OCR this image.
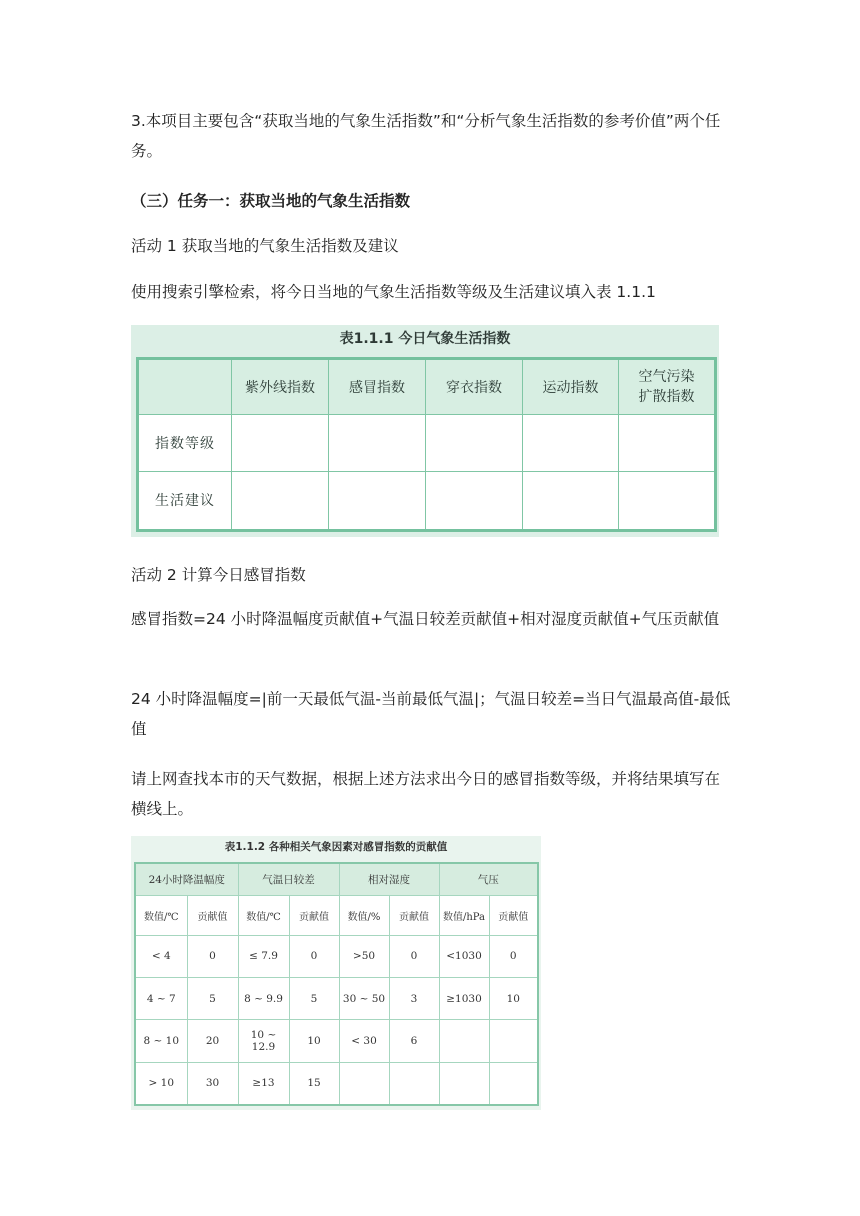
3.本项目主要包含“获取当地的气象生活指数”和“分析气象生活指数的参考价值”两个任务。

（三）任务一：获取当地的气象生活指数

活动 1 获取当地的气象生活指数及建议

使用搜索引擎检索，将今日当地的气象生活指数等级及生活建议填入表 1.1.1

活动 2 计算今日感冒指数

感冒指数=24 小时降温幅度贡献值+气温日较差贡献值+相对湿度贡献值+气压贡献值

24 小时降温幅度=|前一天最低气温-当前最低气温|；气温日较差=当日气温最高值-最低值

请上网查找本市的天气数据，根据上述方法求出今日的感冒指数等级，并将结果填写在横线上。

表1.1.1 今日气象生活指数
	紫外线指数	感冒指数	穿衣指数	运动指数	空气污染扩散指数
指数等级					
生活建议					
表1.1.2 各种相关气象因素对感冒指数的贡献值
24小时降温幅度		气温日较差		相对湿度		气压	
数值/℃	贡献值	数值/℃	贡献值	数值/%	贡献值	数值/hPa	贡献值
< 4	0	≤ 7.9	0	>50	0	<1030	0
4 ~ 7	5	8 ~ 9.9	5	30 ~ 50	3	≥1030	10
8 ~ 10	20	10 ~ 12.9	10	< 30	6		
> 10	30	≥13	15				
